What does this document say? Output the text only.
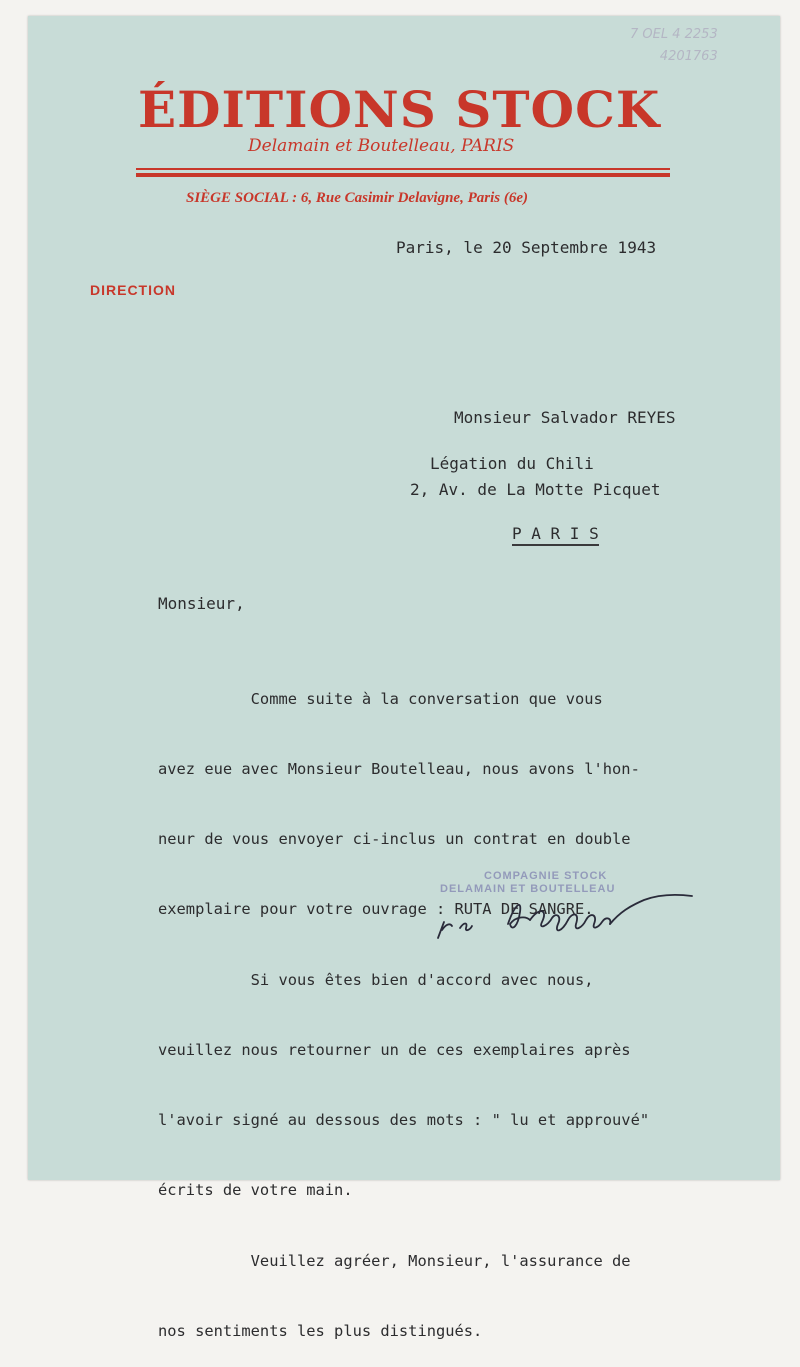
7 OEL 4 2253
4201763
ÉDITIONS STOCK
Delamain et Boutelleau, PARIS
SIÈGE SOCIAL : 6, Rue Casimir Delavigne, Paris (6e)
Paris, le 20 Septembre 1943
DIRECTION
Monsieur Salvador REYES
Légation du Chili
2, Av. de La Motte Picquet
P A R I S
Monsieur,

Comme suite à la conversation que vous

avez eue avec Monsieur Boutelleau, nous avons l'hon-

neur de vous envoyer ci-inclus un contrat en double

exemplaire pour votre ouvrage : RUTA DE SANGRE.

Si vous êtes bien d'accord avec nous,

veuillez nous retourner un de ces exemplaires après

l'avoir signé au dessous des mots : " lu et approuvé"

écrits de votre main.

Veuillez agréer, Monsieur, l'assurance de

nos sentiments les plus distingués.

COMPAGNIE STOCK
DELAMAIN ET BOUTELLEAU
